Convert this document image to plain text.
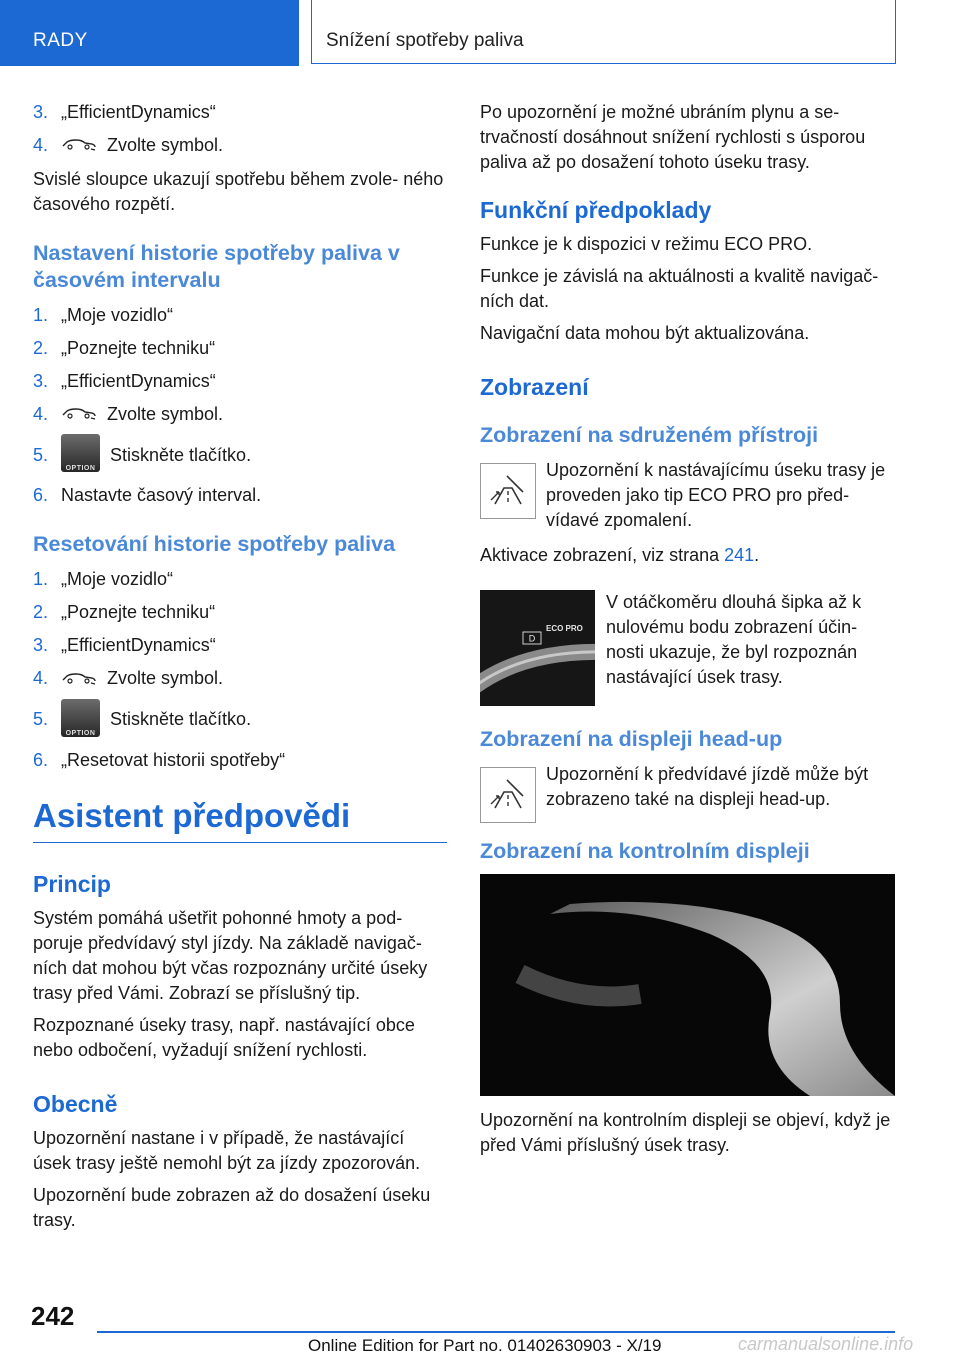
RADY	Snížení spotřeby paliva
3. „EfficientDynamics“
4.	Zvolte symbol.

Svislé sloupce ukazují spotřebu během zvole‐ ného časového rozpětí.

Nastavení historie spotřeby paliva v časovém intervalu
1. „Moje vozidlo“
2. „Poznejte techniku“
3. „EfficientDynamics“
4.	Zvolte symbol.
5.
OPTION
Stiskněte tlačítko.
6. Nastavte časový interval.
Resetování historie spotřeby paliva
1. „Moje vozidlo“
2. „Poznejte techniku“
3. „EfficientDynamics“
4.	Zvolte symbol.
5.
OPTION
Stiskněte tlačítko.
6. „Resetovat historii spotřeby“
Asistent předpovědi
Princip

Systém pomáhá ušetřit pohonné hmoty a pod‐ poruje předvídavý styl jízdy. Na základě navigač‐ ních dat mohou být včas rozpoznány určité úseky trasy před Vámi. Zobrazí se příslušný tip.

Rozpoznané úseky trasy, např. nastávající obce nebo odbočení, vyžadují snížení rychlosti.

Obecně

Upozornění nastane i v případě, že nastávající úsek trasy ještě nemohl být za jízdy zpozorován.

Upozornění bude zobrazen až do dosažení úseku trasy.

Po upozornění je možné ubráním plynu a se‐ trvačností dosáhnout snížení rychlosti s úsporou paliva až po dosažení tohoto úseku trasy.

Funkční předpoklady

Funkce je k dispozici v režimu ECO PRO.

Funkce je závislá na aktuálnosti a kvalitě navigač‐ ních dat.

Navigační data mohou být aktualizována.

Zobrazení
Zobrazení na sdruženém přístroji
Upozornění k nastávajícímu úseku trasy je proveden jako tip ECO PRO pro před‐ vídavé zpomalení.

Aktivace zobrazení, viz strana 241.

D
ECO PRO
V otáčkoměru dlouhá šipka až k nulovému bodu zobrazení účin‐ nosti ukazuje, že byl rozpoznán nastávající úsek trasy.
Zobrazení na displeji head-up
Upozornění k předvídavé jízdě může být zobrazeno také na displeji head-up.
Zobrazení na kontrolním displeji

Upozornění na kontrolním displeji se objeví, když je před Vámi příslušný úsek trasy.

242
Online Edition for Part no. 01402630903 - X/19	carmanualsonline.info
